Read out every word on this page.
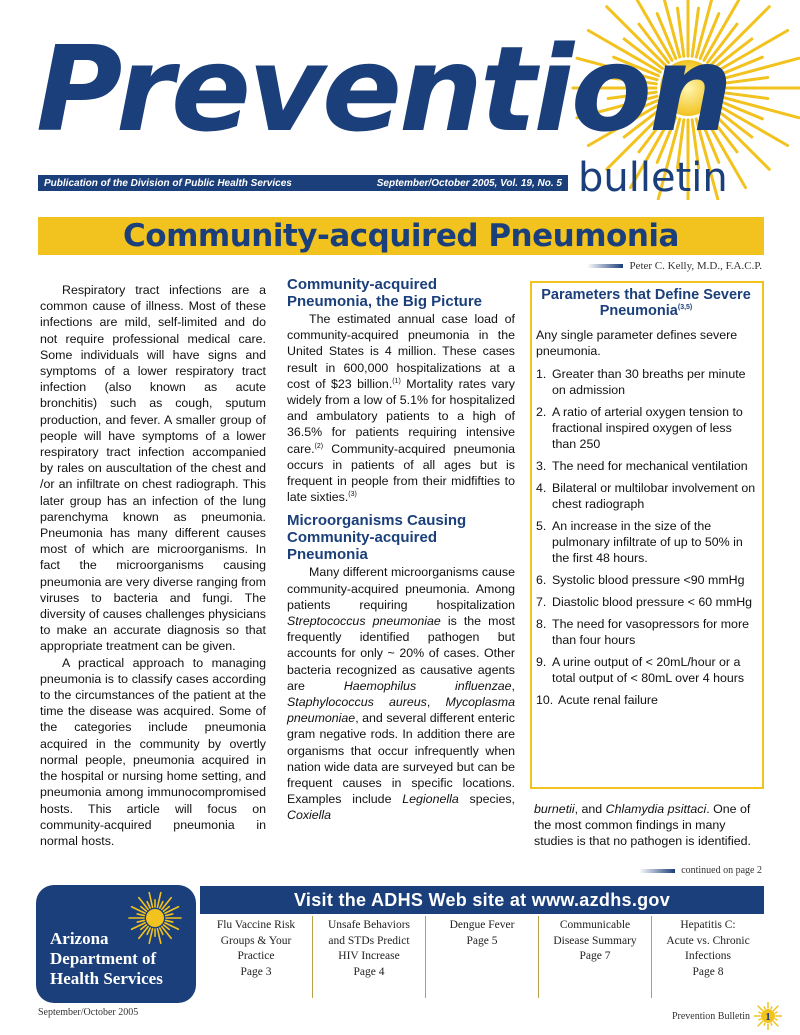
Prevention
Publication of the Division of Public Health Services	September/October 2005, Vol. 19, No. 5 bulletin
Community-acquired Pneumonia
Peter C. Kelly, M.D., F.A.C.P.

Respiratory tract infections are a common cause of illness. Most of these infections are mild, self-limited and do not require professional medical care. Some individuals will have signs and symptoms of a lower respiratory tract infection (also known as acute bronchitis) such as cough, sputum production, and fever. A smaller group of people will have symptoms of a lower respiratory tract infection accompanied by rales on auscultation of the chest and /or an infiltrate on chest radiograph. This later group has an infection of the lung parenchyma known as pneumonia. Pneumonia has many different causes most of which are microorganisms. In fact the microorganisms causing pneumonia are very diverse ranging from viruses to bacteria and fungi. The diversity of causes challenges physicians to make an accurate diagnosis so that appropriate treatment can be given.

A practical approach to managing pneumonia is to classify cases according to the circumstances of the patient at the time the disease was acquired. Some of the categories include pneumonia acquired in the community by overtly normal people, pneumonia acquired in the hospital or nursing home setting, and pneumonia among immunocompromised hosts. This article will focus on community-acquired pneumonia in normal hosts.

Community-acquired Pneumonia, the Big Picture

The estimated annual case load of community-acquired pneumonia in the United States is 4 million. These cases result in 600,000 hospitalizations at a cost of $23 billion.$^{(1)}$ Mortality rates vary widely from a low of 5.1% for hospitalized and ambulatory patients to a high of 36.5% for patients requiring intensive care.$^{(2)}$ Community-acquired pneumonia occurs in patients of all ages but is frequent in people from their midfifties to late sixties.$^{(3)}$

Microorganisms Causing Community-acquired Pneumonia

Many different microorganisms cause community-acquired pneumonia. Among patients requiring hospitalization Streptococcus pneumoniae is the most frequently identified pathogen but accounts for only ~ 20% of cases. Other bacteria recognized as causative agents are Haemophilus influenzae, Staphylococcus aureus, Mycoplasma pneumoniae, and several different enteric gram negative rods. In addition there are organisms that occur infrequently when nation wide data are surveyed but can be frequent causes in specific locations. Examples include Legionella species, Coxiella

Parameters that Define Severe Pneumonia$^{(3,5)}$
Any single parameter defines severe pneumonia.
1. Greater than 30 breaths per minute on admission
2. A ratio of arterial oxygen tension to fractional inspired oxygen of less than 250
3. The need for mechanical ventilation
4. Bilateral or multilobar involvement on chest radiograph
5. An increase in the size of the pulmonary infiltrate of up to 50% in the first 48 hours.
6. Systolic blood pressure <90 mmHg
7. Diastolic blood pressure < 60 mmHg
8. The need for vasopressors for more than four hours
9. A urine output of < 20mL/hour or a total output of < 80mL over 4 hours
10. Acute renal failure
burnetii, and Chlamydia psittaci. One of the most common findings in many studies is that no pathogen is identified.
continued on page 2
Arizona
Department of
Health Services
Visit the ADHS Web site at www.azdhs.gov
Flu Vaccine Risk
Groups & Your
Practice
Page 3
Unsafe Behaviors
and STDs Predict
HIV Increase
Page 4
Dengue Fever
Page 5
Communicable
Disease Summary
Page 7
Hepatitis C:
Acute vs. Chronic
Infections
Page 8
September/October 2005	Prevention Bulletin	1
